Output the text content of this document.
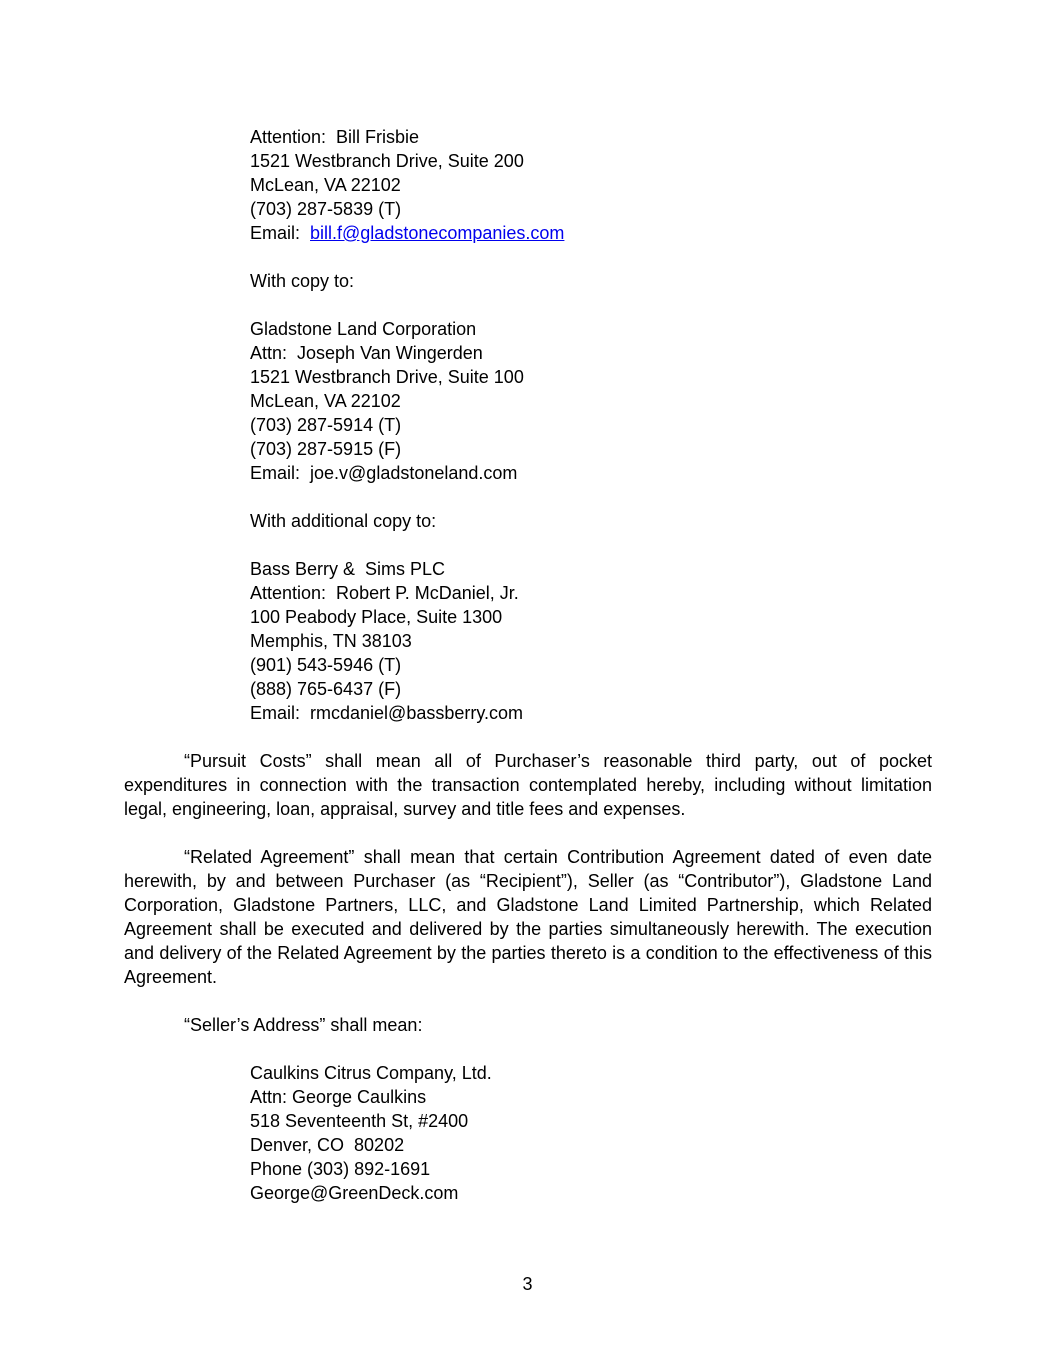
Attention:  Bill Frisbie
1521 Westbranch Drive, Suite 200
McLean, VA 22102
(703) 287-5839 (T)
Email:  bill.f@gladstonecompanies.com
With copy to:
Gladstone Land Corporation
Attn:  Joseph Van Wingerden
1521 Westbranch Drive, Suite 100
McLean, VA 22102
(703) 287-5914 (T)
(703) 287-5915 (F)
Email:  joe.v@gladstoneland.com
With additional copy to:
Bass Berry &  Sims PLC
Attention:  Robert P. McDaniel, Jr.
100 Peabody Place, Suite 1300
Memphis, TN 38103
(901) 543-5946 (T)
(888) 765-6437 (F)
Email:  rmcdaniel@bassberry.com

“Pursuit Costs” shall mean all of Purchaser’s reasonable third party, out of pocket expenditures in connection with the transaction contemplated hereby, including without limitation legal, engineering, loan, appraisal, survey and title fees and expenses.

“Related Agreement” shall mean that certain Contribution Agreement dated of even date herewith, by and between Purchaser (as “Recipient”), Seller (as “Contributor”), Gladstone Land Corporation, Gladstone Partners, LLC, and Gladstone Land Limited Partnership, which Related Agreement shall be executed and delivered by the parties simultaneously herewith. The execution and delivery of the Related Agreement by the parties thereto is a condition to the effectiveness of this Agreement.

“Seller’s Address” shall mean:
Caulkins Citrus Company, Ltd.
Attn: George Caulkins
518 Seventeenth St, #2400
Denver, CO  80202
Phone (303) 892-1691
George@GreenDeck.com
3
